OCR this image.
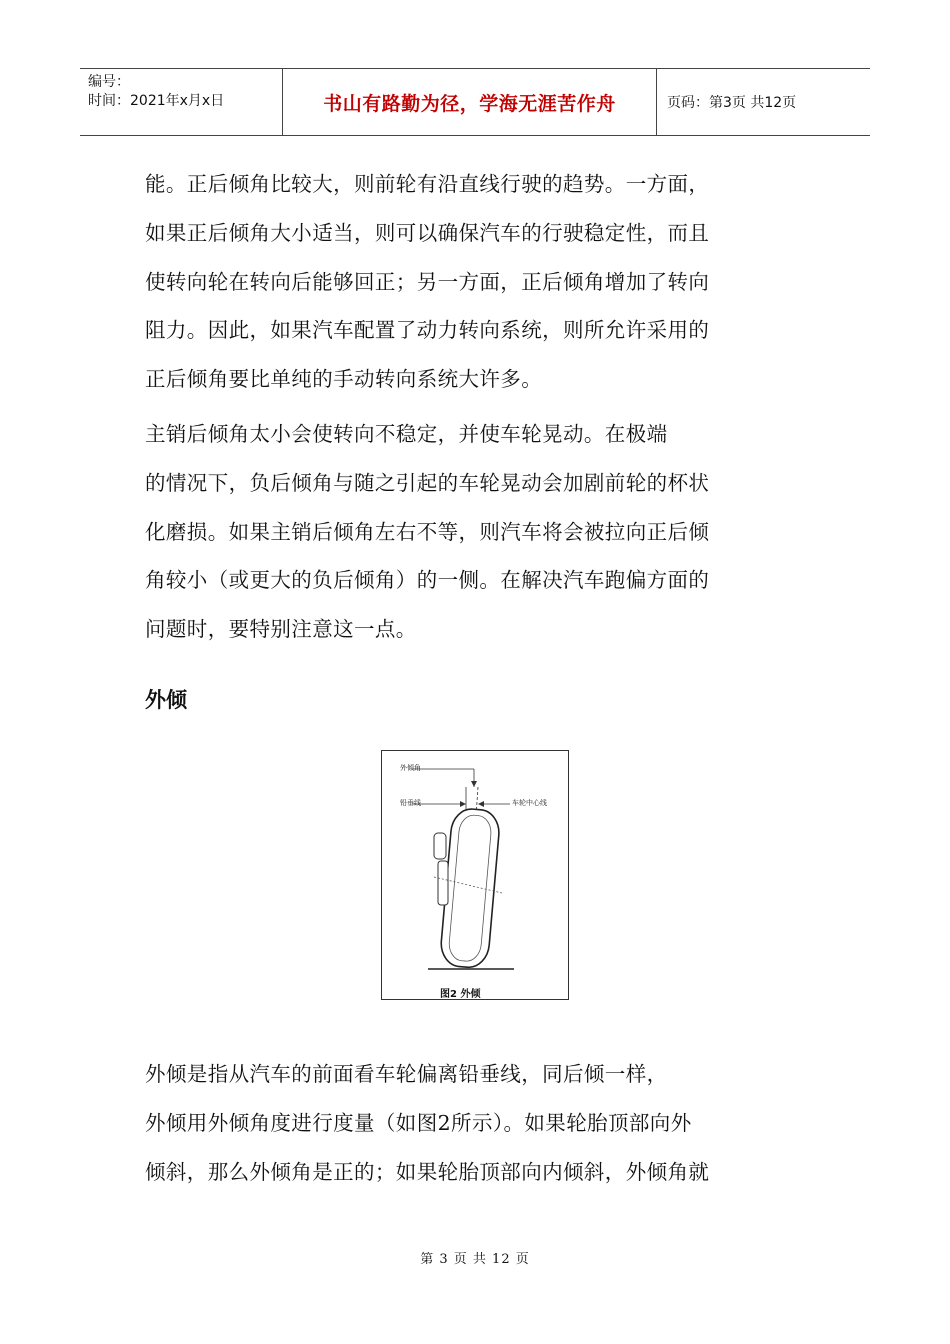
编号：
时间：2021年x月x日	书山有路勤为径，学海无涯苦作舟	页码：第3页 共12页

能。正后倾角比较大，则前轮有沿直线行驶的趋势。一方面，
如果正后倾角大小适当，则可以确保汽车的行驶稳定性，而且
使转向轮在转向后能够回正；另一方面，正后倾角增加了转向
阻力。因此，如果汽车配置了动力转向系统，则所允许采用的
正后倾角要比单纯的手动转向系统大许多。

主销后倾角太小会使转向不稳定，并使车轮晃动。在极端
的情况下，负后倾角与随之引起的车轮晃动会加剧前轮的杯状
化磨损。如果主销后倾角左右不等，则汽车将会被拉向正后倾
角较小（或更大的负后倾角）的一侧。在解决汽车跑偏方面的
问题时，要特别注意这一点。

外倾
外倾角
铅垂线	车轮中心线
图2 外倾

外倾是指从汽车的前面看车轮偏离铅垂线，同后倾一样，
外倾用外倾角度进行度量（如图2所示）。如果轮胎顶部向外
倾斜，那么外倾角是正的；如果轮胎顶部向内倾斜，外倾角就

第 3 页 共 12 页
